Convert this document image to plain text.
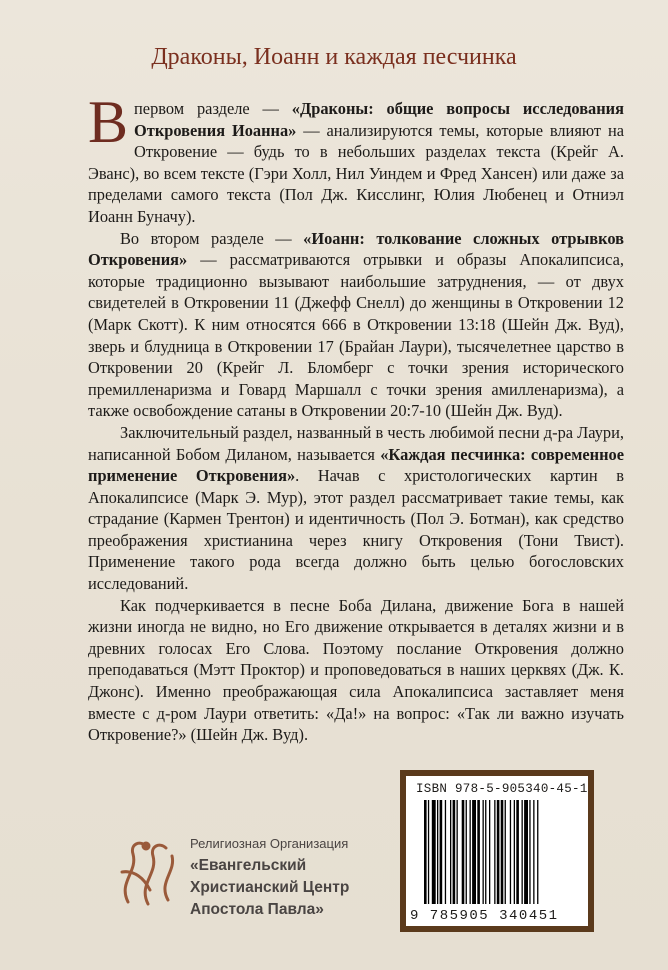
Драконы, Иоанн и каждая песчинка

Впервом разделе — «Драконы: общие вопросы исследования Откровения Иоанна» — анализируются темы, которые влияют на Откровение — будь то в небольших разделах текста (Крейг А. Эванс), во всем тексте (Гэри Холл, Нил Уиндем и Фред Хансен) или даже за пределами самого текста (Пол Дж. Кисслинг, Юлия Любенец и Отниэл Иоанн Буначу).

Во втором разделе — «Иоанн: толкование сложных отрывков Откровения» — рассматриваются отрывки и образы Апокалипсиса, которые традиционно вызывают наибольшие затруднения, — от двух свидетелей в Откровении 11 (Джефф Снелл) до женщины в Откровении 12 (Марк Скотт). К ним относятся 666 в Откровении 13:18 (Шейн Дж. Вуд), зверь и блудница в Откровении 17 (Брайан Лаури), тысячелетнее царство в Откровении 20 (Крейг Л. Бломберг с точки зрения исторического премилленаризма и Говард Маршалл с точки зрения амилленаризма), а также освобождение сатаны в Откровении 20:7-10 (Шейн Дж. Вуд).

Заключительный раздел, названный в честь любимой песни д-ра Лаури, написанной Бобом Диланом, называется «Каждая песчинка: современное применение Откровения». Начав с христологических картин в Апокалипсисе (Марк Э. Мур), этот раздел рассматривает такие темы, как страдание (Кармен Трентон) и идентичность (Пол Э. Ботман), как средство преображения христианина через книгу Откровения (Тони Твист). Применение такого рода всегда должно быть целью богословских исследований.

Как подчеркивается в песне Боба Дилана, движение Бога в нашей жизни иногда не видно, но Его движение открывается в деталях жизни и в древних голосах Его Слова. Поэтому послание Откровения должно преподаваться (Мэтт Проктор) и проповедоваться в наших церквях (Дж. К. Джонс). Именно преображающая сила Апокалипсиса заставляет меня вместе с д-ром Лаури ответить: «Да!» на вопрос: «Так ли важно изучать Откровение?» (Шейн Дж. Вуд).

Религиозная Организация
«Евангельский
Христианский Центр
Апостола Павла»
ISBN 978-5-905340-45-1
9 785905 340451
